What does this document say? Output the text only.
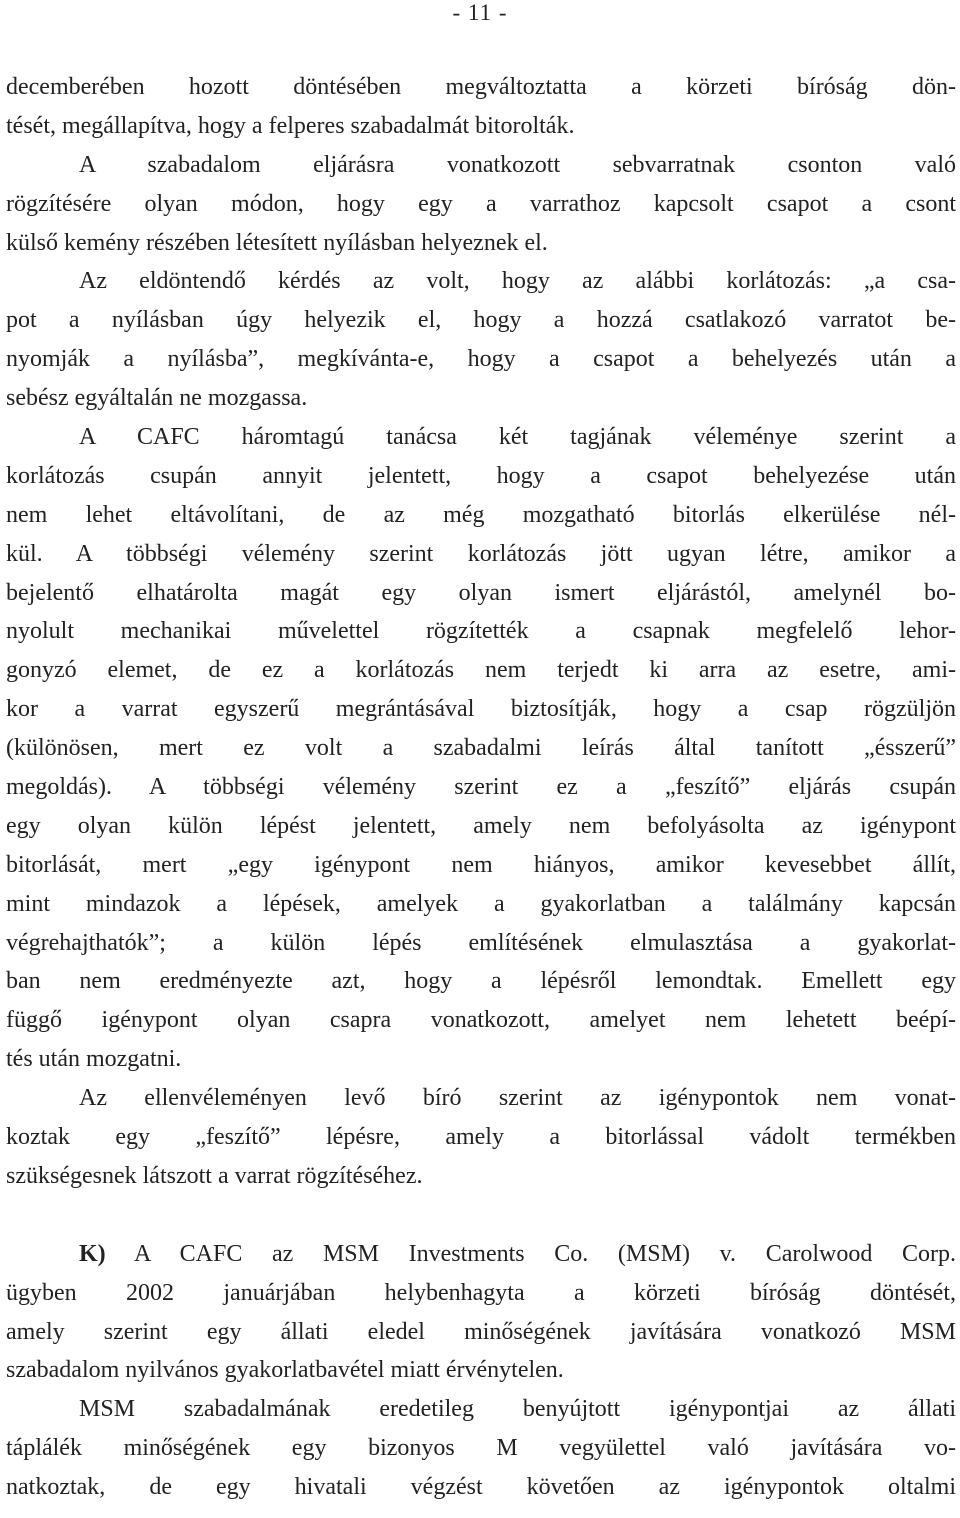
- 11 -
decemberében hozott döntésében megváltoztatta a körzeti bíróság dön-
tését, megállapítva, hogy a felperes szabadalmát bitorolták.
A szabadalom eljárásra vonatkozott sebvarratnak csonton való
rögzítésére olyan módon, hogy egy a varrathoz kapcsolt csapot a csont
külső kemény részében létesített nyílásban helyeznek el.
Az eldöntendő kérdés az volt, hogy az alábbi korlátozás: „a csa-
pot a nyílásban úgy helyezik el, hogy a hozzá csatlakozó varratot be-
nyomják a nyílásba”, megkívánta-e, hogy a csapot a behelyezés után a
sebész egyáltalán ne mozgassa.
A CAFC háromtagú tanácsa két tagjának véleménye szerint a
korlátozás csupán annyit jelentett, hogy a csapot behelyezése után
nem lehet eltávolítani, de az még mozgatható bitorlás elkerülése nél-
kül. A többségi vélemény szerint korlátozás jött ugyan létre, amikor a
bejelentő elhatárolta magát egy olyan ismert eljárástól, amelynél bo-
nyolult mechanikai művelettel rögzítették a csapnak megfelelő lehor-
gonyzó elemet, de ez a korlátozás nem terjedt ki arra az esetre, ami-
kor a varrat egyszerű megrántásával biztosítják, hogy a csap rögzüljön
(különösen, mert ez volt a szabadalmi leírás által tanított „ésszerű”
megoldás). A többségi vélemény szerint ez a „feszítő” eljárás csupán
egy olyan külön lépést jelentett, amely nem befolyásolta az igénypont
bitorlását, mert „egy igénypont nem hiányos, amikor kevesebbet állít,
mint mindazok a lépések, amelyek a gyakorlatban a találmány kapcsán
végrehajthatók”; a külön lépés említésének elmulasztása a gyakorlat-
ban nem eredményezte azt, hogy a lépésről lemondtak. Emellett egy
függő igénypont olyan csapra vonatkozott, amelyet nem lehetett beépí-
tés után mozgatni.
Az ellenvéleményen levő bíró szerint az igénypontok nem vonat-
koztak egy „feszítő” lépésre, amely a bitorlással vádolt termékben
szükségesnek látszott a varrat rögzítéséhez.
K) A CAFC az MSM Investments Co. (MSM) v. Carolwood Corp.
ügyben 2002 januárjában helybenhagyta a körzeti bíróság döntését,
amely szerint egy állati eledel minőségének javítására vonatkozó MSM
szabadalom nyilvános gyakorlatbavétel miatt érvénytelen.
MSM szabadalmának eredetileg benyújtott igénypontjai az állati
táplálék minőségének egy bizonyos M vegyülettel való javítására vo-
natkoztak, de egy hivatali végzést követően az igénypontok oltalmi
